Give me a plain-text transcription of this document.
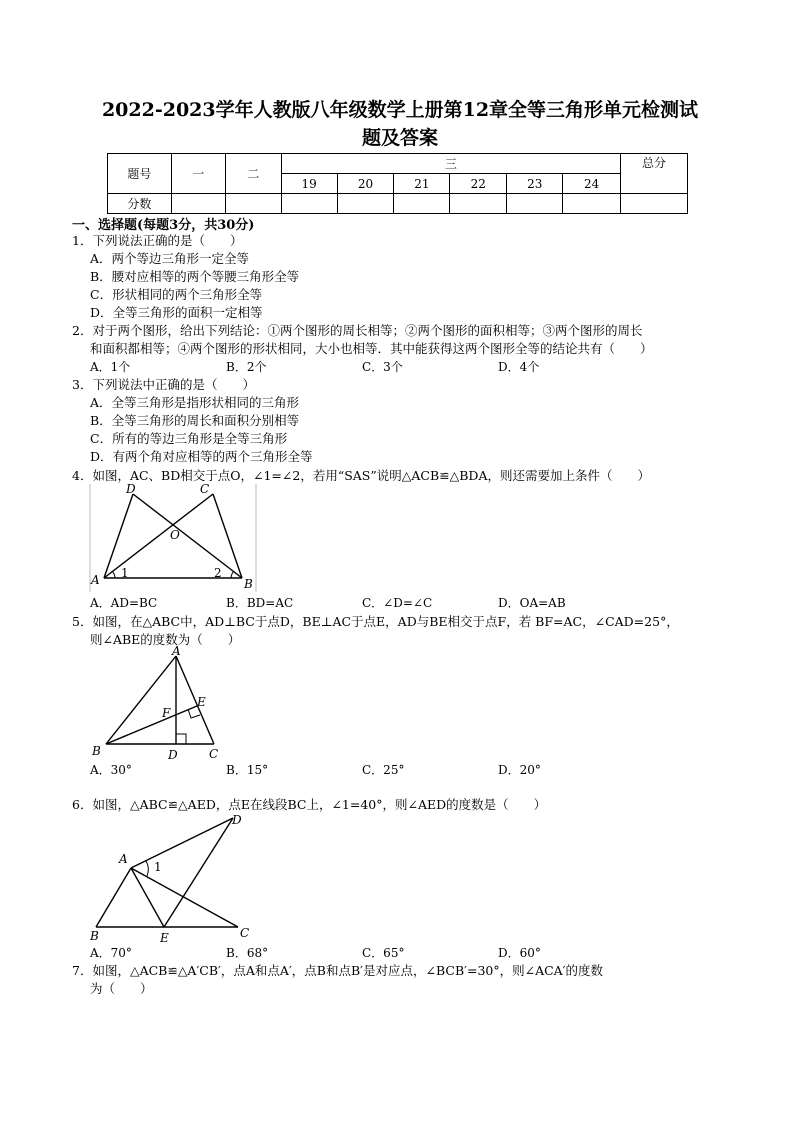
2022-2023学年人教版八年级数学上册第12章全等三角形单元检测试
题及答案
题号	一	二	三						总分
			19	20	21	22	23	24	
分数									
一、选择题(每题3分，共30分)
1．下列说法正确的是（　　）
A．两个等边三角形一定全等
B．腰对应相等的两个等腰三角形全等
C．形状相同的两个三角形全等
D．全等三角形的面积一定相等
2．对于两个图形，给出下列结论：①两个图形的周长相等；②两个图形的面积相等；③两个图形的周长
和面积都相等；④两个图形的形状相同，大小也相等．其中能获得这两个图形全等的结论共有（　　）
A．1个	B．2个	C．3个	D．4个
3．下列说法中正确的是（　　）
A．全等三角形是指形状相同的三角形
B．全等三角形的周长和面积分别相等
C．所有的等边三角形是全等三角形
D．有两个角对应相等的两个三角形全等
4．如图，AC、BD相交于点O，∠1=∠2，若用“SAS”说明△ACB≌△BDA，则还需要加上条件（　　）
D	C
O
A	B
1	2
A．AD=BC	B．BD=AC	C．∠D=∠C	D．OA=AB
5．如图，在△ABC中，AD⊥BC于点D，BE⊥AC于点E，AD与BE相交于点F，若 BF=AC，∠CAD=25°，
则∠ABE的度数为（　　）
A
B	C
D
E
F
A．30°	B．15°	C．25°	D．20°
6．如图，△ABC≌△AED，点E在线段BC上，∠1=40°，则∠AED的度数是（　　）
A
B	C
D
E
1
A．70°	B．68°	C．65°	D．60°
7．如图，△ACB≌△A′CB′，点A和点A′，点B和点B′是对应点，∠BCB′=30°，则∠ACA′的度数
为（　　）
